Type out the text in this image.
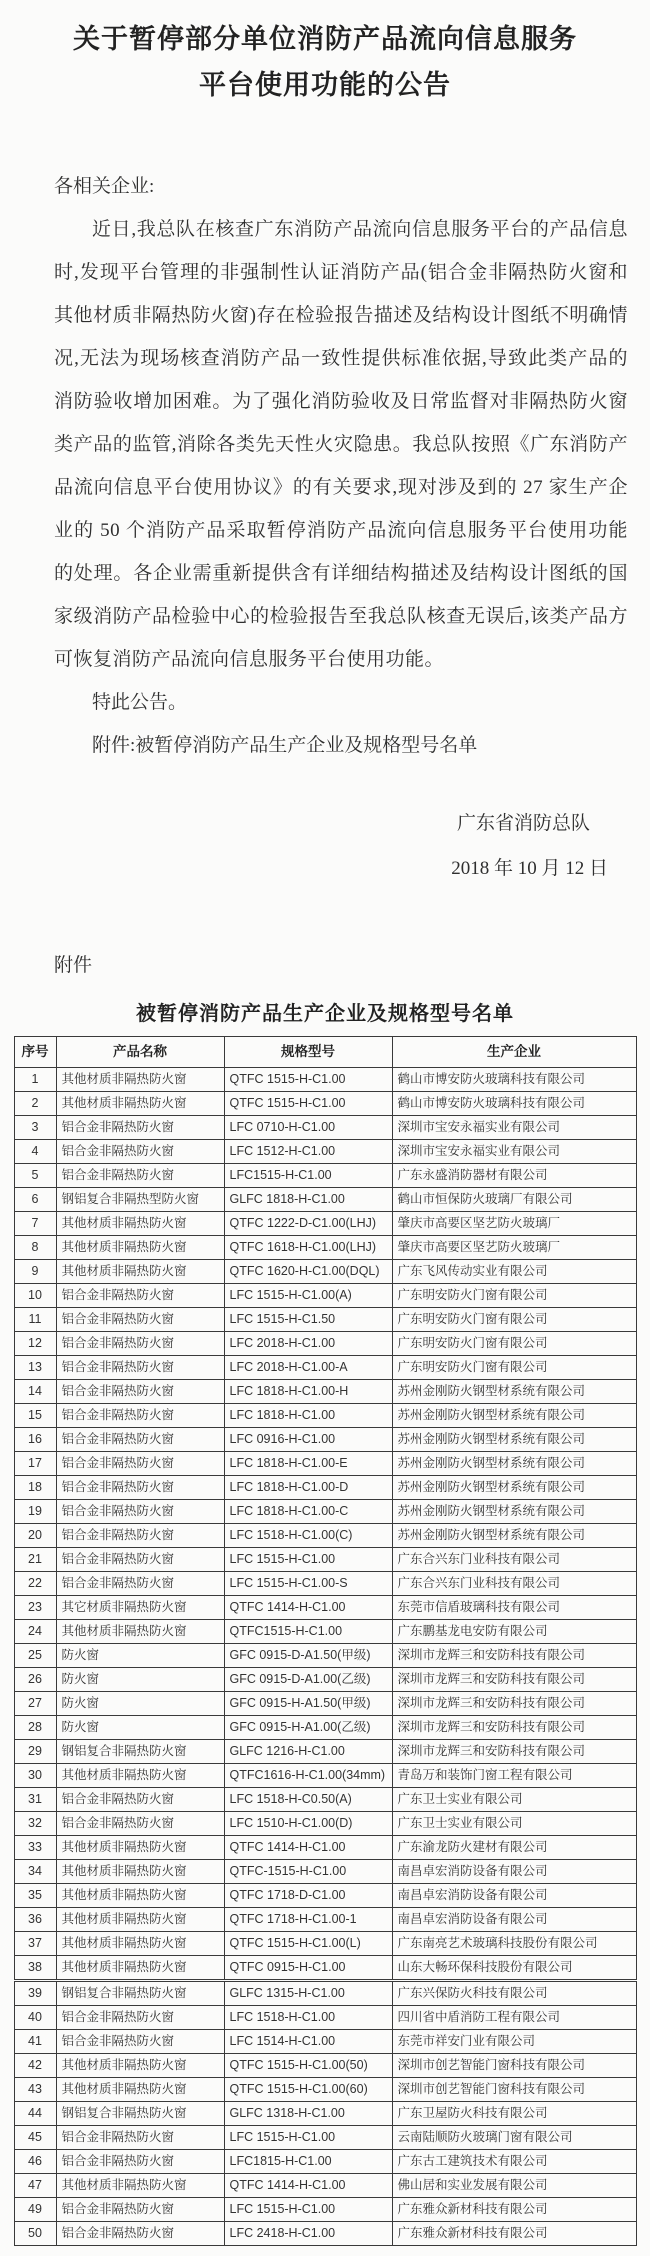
关于暂停部分单位消防产品流向信息服务
平台使用功能的公告
各相关企业:
近日,我总队在核查广东消防产品流向信息服务平台的产品信息时,发现平台管理的非强制性认证消防产品(铝合金非隔热防火窗和其他材质非隔热防火窗)存在检验报告描述及结构设计图纸不明确情况,无法为现场核查消防产品一致性提供标准依据,导致此类产品的消防验收增加困难。为了强化消防验收及日常监督对非隔热防火窗类产品的监管,消除各类先天性火灾隐患。我总队按照《广东消防产品流向信息平台使用协议》的有关要求,现对涉及到的 27 家生产企业的 50 个消防产品采取暂停消防产品流向信息服务平台使用功能的处理。各企业需重新提供含有详细结构描述及结构设计图纸的国家级消防产品检验中心的检验报告至我总队核查无误后,该类产品方可恢复消防产品流向信息服务平台使用功能。
特此公告。
附件:被暂停消防产品生产企业及规格型号名单
广东省消防总队
2018 年 10 月 12 日
附件
被暂停消防产品生产企业及规格型号名单
序号	产品名称	规格型号	生产企业
1	其他材质非隔热防火窗	QTFC 1515-H-C1.00	鹤山市博安防火玻璃科技有限公司
2	其他材质非隔热防火窗	QTFC 1515-H-C1.00	鹤山市博安防火玻璃科技有限公司
3	铝合金非隔热防火窗	LFC 0710-H-C1.00	深圳市宝安永福实业有限公司
4	铝合金非隔热防火窗	LFC 1512-H-C1.00	深圳市宝安永福实业有限公司
5	铝合金非隔热防火窗	LFC1515-H-C1.00	广东永盛消防器材有限公司
6	钢铝复合非隔热型防火窗	GLFC 1818-H-C1.00	鹤山市恒保防火玻璃厂有限公司
7	其他材质非隔热防火窗	QTFC 1222-D-C1.00(LHJ)	肇庆市高要区坚艺防火玻璃厂
8	其他材质非隔热防火窗	QTFC 1618-H-C1.00(LHJ)	肇庆市高要区坚艺防火玻璃厂
9	其他材质非隔热防火窗	QTFC 1620-H-C1.00(DQL)	广东飞风传动实业有限公司
10	铝合金非隔热防火窗	LFC 1515-H-C1.00(A)	广东明安防火门窗有限公司
11	铝合金非隔热防火窗	LFC 1515-H-C1.50	广东明安防火门窗有限公司
12	铝合金非隔热防火窗	LFC 2018-H-C1.00	广东明安防火门窗有限公司
13	铝合金非隔热防火窗	LFC 2018-H-C1.00-A	广东明安防火门窗有限公司
14	铝合金非隔热防火窗	LFC 1818-H-C1.00-H	苏州金刚防火钢型材系统有限公司
15	铝合金非隔热防火窗	LFC 1818-H-C1.00	苏州金刚防火钢型材系统有限公司
16	铝合金非隔热防火窗	LFC 0916-H-C1.00	苏州金刚防火钢型材系统有限公司
17	铝合金非隔热防火窗	LFC 1818-H-C1.00-E	苏州金刚防火钢型材系统有限公司
18	铝合金非隔热防火窗	LFC 1818-H-C1.00-D	苏州金刚防火钢型材系统有限公司
19	铝合金非隔热防火窗	LFC 1818-H-C1.00-C	苏州金刚防火钢型材系统有限公司
20	铝合金非隔热防火窗	LFC 1518-H-C1.00(C)	苏州金刚防火钢型材系统有限公司
21	铝合金非隔热防火窗	LFC 1515-H-C1.00	广东合兴东门业科技有限公司
22	铝合金非隔热防火窗	LFC 1515-H-C1.00-S	广东合兴东门业科技有限公司
23	其它材质非隔热防火窗	QTFC 1414-H-C1.00	东莞市信盾玻璃科技有限公司
24	其他材质非隔热防火窗	QTFC1515-H-C1.00	广东鹏基龙电安防有限公司
25	防火窗	GFC 0915-D-A1.50(甲级)	深圳市龙辉三和安防科技有限公司
26	防火窗	GFC 0915-D-A1.00(乙级)	深圳市龙辉三和安防科技有限公司
27	防火窗	GFC 0915-H-A1.50(甲级)	深圳市龙辉三和安防科技有限公司
28	防火窗	GFC 0915-H-A1.00(乙级)	深圳市龙辉三和安防科技有限公司
29	钢铝复合非隔热防火窗	GLFC 1216-H-C1.00	深圳市龙辉三和安防科技有限公司
30	其他材质非隔热防火窗	QTFC1616-H-C1.00(34mm)	青岛万和装饰门窗工程有限公司
31	铝合金非隔热防火窗	LFC 1518-H-C0.50(A)	广东卫士实业有限公司
32	铝合金非隔热防火窗	LFC 1510-H-C1.00(D)	广东卫士实业有限公司
33	其他材质非隔热防火窗	QTFC 1414-H-C1.00	广东渝龙防火建材有限公司
34	其他材质非隔热防火窗	QTFC-1515-H-C1.00	南昌卓宏消防设备有限公司
35	其他材质非隔热防火窗	QTFC 1718-D-C1.00	南昌卓宏消防设备有限公司
36	其他材质非隔热防火窗	QTFC 1718-H-C1.00-1	南昌卓宏消防设备有限公司
37	其他材质非隔热防火窗	QTFC 1515-H-C1.00(L)	广东南亮艺术玻璃科技股份有限公司
38	其他材质非隔热防火窗	QTFC 0915-H-C1.00	山东大畅环保科技股份有限公司
39	钢铝复合非隔热防火窗	GLFC 1315-H-C1.00	广东兴保防火科技有限公司
40	铝合金非隔热防火窗	LFC 1518-H-C1.00	四川省中盾消防工程有限公司
41	铝合金非隔热防火窗	LFC 1514-H-C1.00	东莞市祥安门业有限公司
42	其他材质非隔热防火窗	QTFC 1515-H-C1.00(50)	深圳市创艺智能门窗科技有限公司
43	其他材质非隔热防火窗	QTFC 1515-H-C1.00(60)	深圳市创艺智能门窗科技有限公司
44	钢铝复合非隔热防火窗	GLFC 1318-H-C1.00	广东卫屋防火科技有限公司
45	铝合金非隔热防火窗	LFC 1515-H-C1.00	云南陆顺防火玻璃门窗有限公司
46	铝合金非隔热防火窗	LFC1815-H-C1.00	广东古工建筑技术有限公司
47	其他材质非隔热防火窗	QTFC 1414-H-C1.00	佛山居和实业发展有限公司
49	铝合金非隔热防火窗	LFC 1515-H-C1.00	广东雅众新材科技有限公司
50	铝合金非隔热防火窗	LFC 2418-H-C1.00	广东雅众新材科技有限公司
